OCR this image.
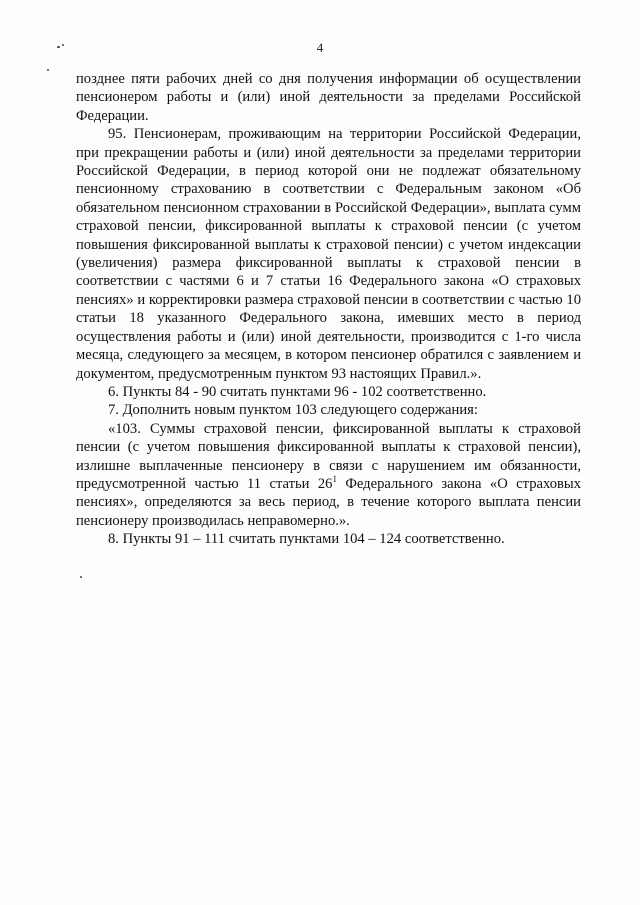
4

позднее пяти рабочих дней со дня получения информации об осуществлении пенсионером работы и (или) иной деятельности за пределами Российской Федерации.

95. Пенсионерам, проживающим на территории Российской Федерации, при прекращении работы и (или) иной деятельности за пределами территории Российской Федерации, в период которой они не подлежат обязательному пенсионному страхованию в соответствии с Федеральным законом «Об обязательном пенсионном страховании в Российской Федерации», выплата сумм страховой пенсии, фиксированной выплаты к страховой пенсии (с учетом повышения фиксированной выплаты к страховой пенсии) с учетом индексации (увеличения) размера фиксированной выплаты к страховой пенсии в соответствии с частями 6 и 7 статьи 16 Федерального закона «О страховых пенсиях» и корректировки размера страховой пенсии в соответствии с частью 10 статьи 18 указанного Федерального закона, имевших место в период осуществления работы и (или) иной деятельности, производится с 1-го числа месяца, следующего за месяцем, в котором пенсионер обратился с заявлением и документом, предусмотренным пунктом 93 настоящих Правил.».

6. Пункты 84 - 90 считать пунктами 96 - 102 соответственно.

7. Дополнить новым пунктом 103 следующего содержания:

«103. Суммы страховой пенсии, фиксированной выплаты к страховой пенсии (с учетом повышения фиксированной выплаты к страховой пенсии), излишне выплаченные пенсионеру в связи с нарушением им обязанности, предусмотренной частью 11 статьи $26^1$ Федерального закона «О страховых пенсиях», определяются за весь период, в течение которого выплата пенсии пенсионеру производилась неправомерно.».

8. Пункты 91 – 111 считать пунктами 104 – 124 соответственно.
